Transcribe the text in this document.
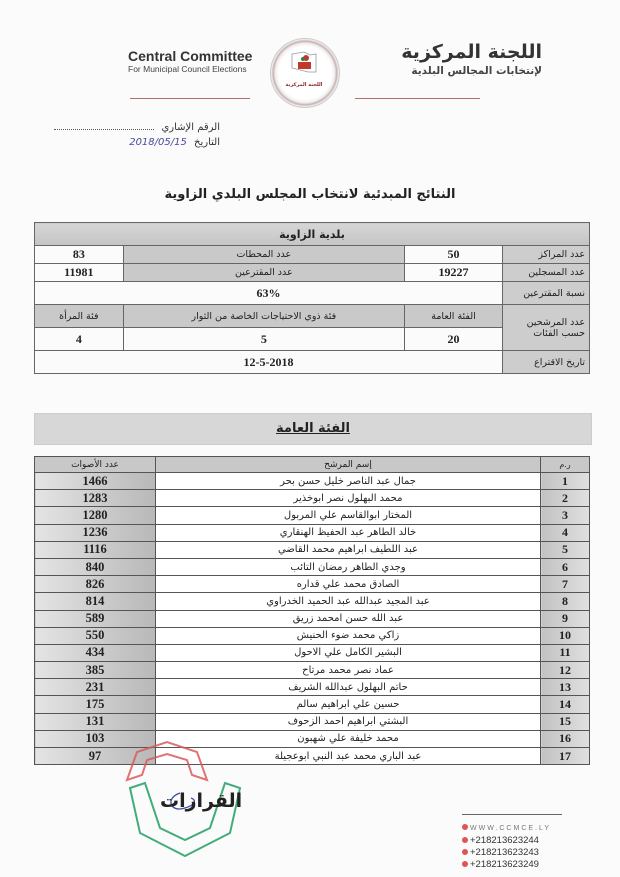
Central Committee
For Municipal Council Elections
اللجنة المركزية
اللجنة المركزية
لإنتخابات المجالس البلدية
الرقم الإشاري
التاريخ 2018/05/15
النتائج المبدئية لانتخاب المجلس البلدي الزاوية
بلدية الزاوية			
عدد المراكز	50	عدد المحطات	83
عدد المسجلين	19227	عدد المقترعين	11981
نسبة المقترعين	63%		
عدد المرشحين حسب الفئات	الفئة العامة	فئة ذوي الاحتياجات الخاصة من الثوار	فئة المرأة
	20	5	4
تاريخ الاقتراع	12-5-2018		
الفئة العامة
ر.م	إسم المرشح	عدد الأصوات
1	جمال عبد الناصر خليل حسن بحر	1466
2	محمد البهلول نصر ابوخذير	1283
3	المختار ابوالقاسم علي المربول	1280
4	خالد الطاهر عبد الحفيظ الهنقاري	1236
5	عبد اللطيف ابراهيم محمد القاضي	1116
6	وجدي الطاهر رمضان التائب	840
7	الصادق محمد علي قداره	826
8	عبد المجيد عبدالله عبد الحميد الخدراوي	814
9	عبد الله حسن امحمد زريق	589
10	زاكي محمد ضوء الحنيش	550
11	البشير الكامل علي الاحول	434
12	عماد نصر محمد مرتاح	385
13	حاتم البهلول عبدالله الشريف	231
14	حسين علي ابراهيم سالم	175
15	البشتي ابراهيم احمد الزحوف	131
16	محمد خليفة علي شهبون	103
17	عبد الباري محمد عبد النبي ابوعجيلة	97
القرارات
WWW.CCMCE.LY
+218213623244
+218213623243
+218213623249
